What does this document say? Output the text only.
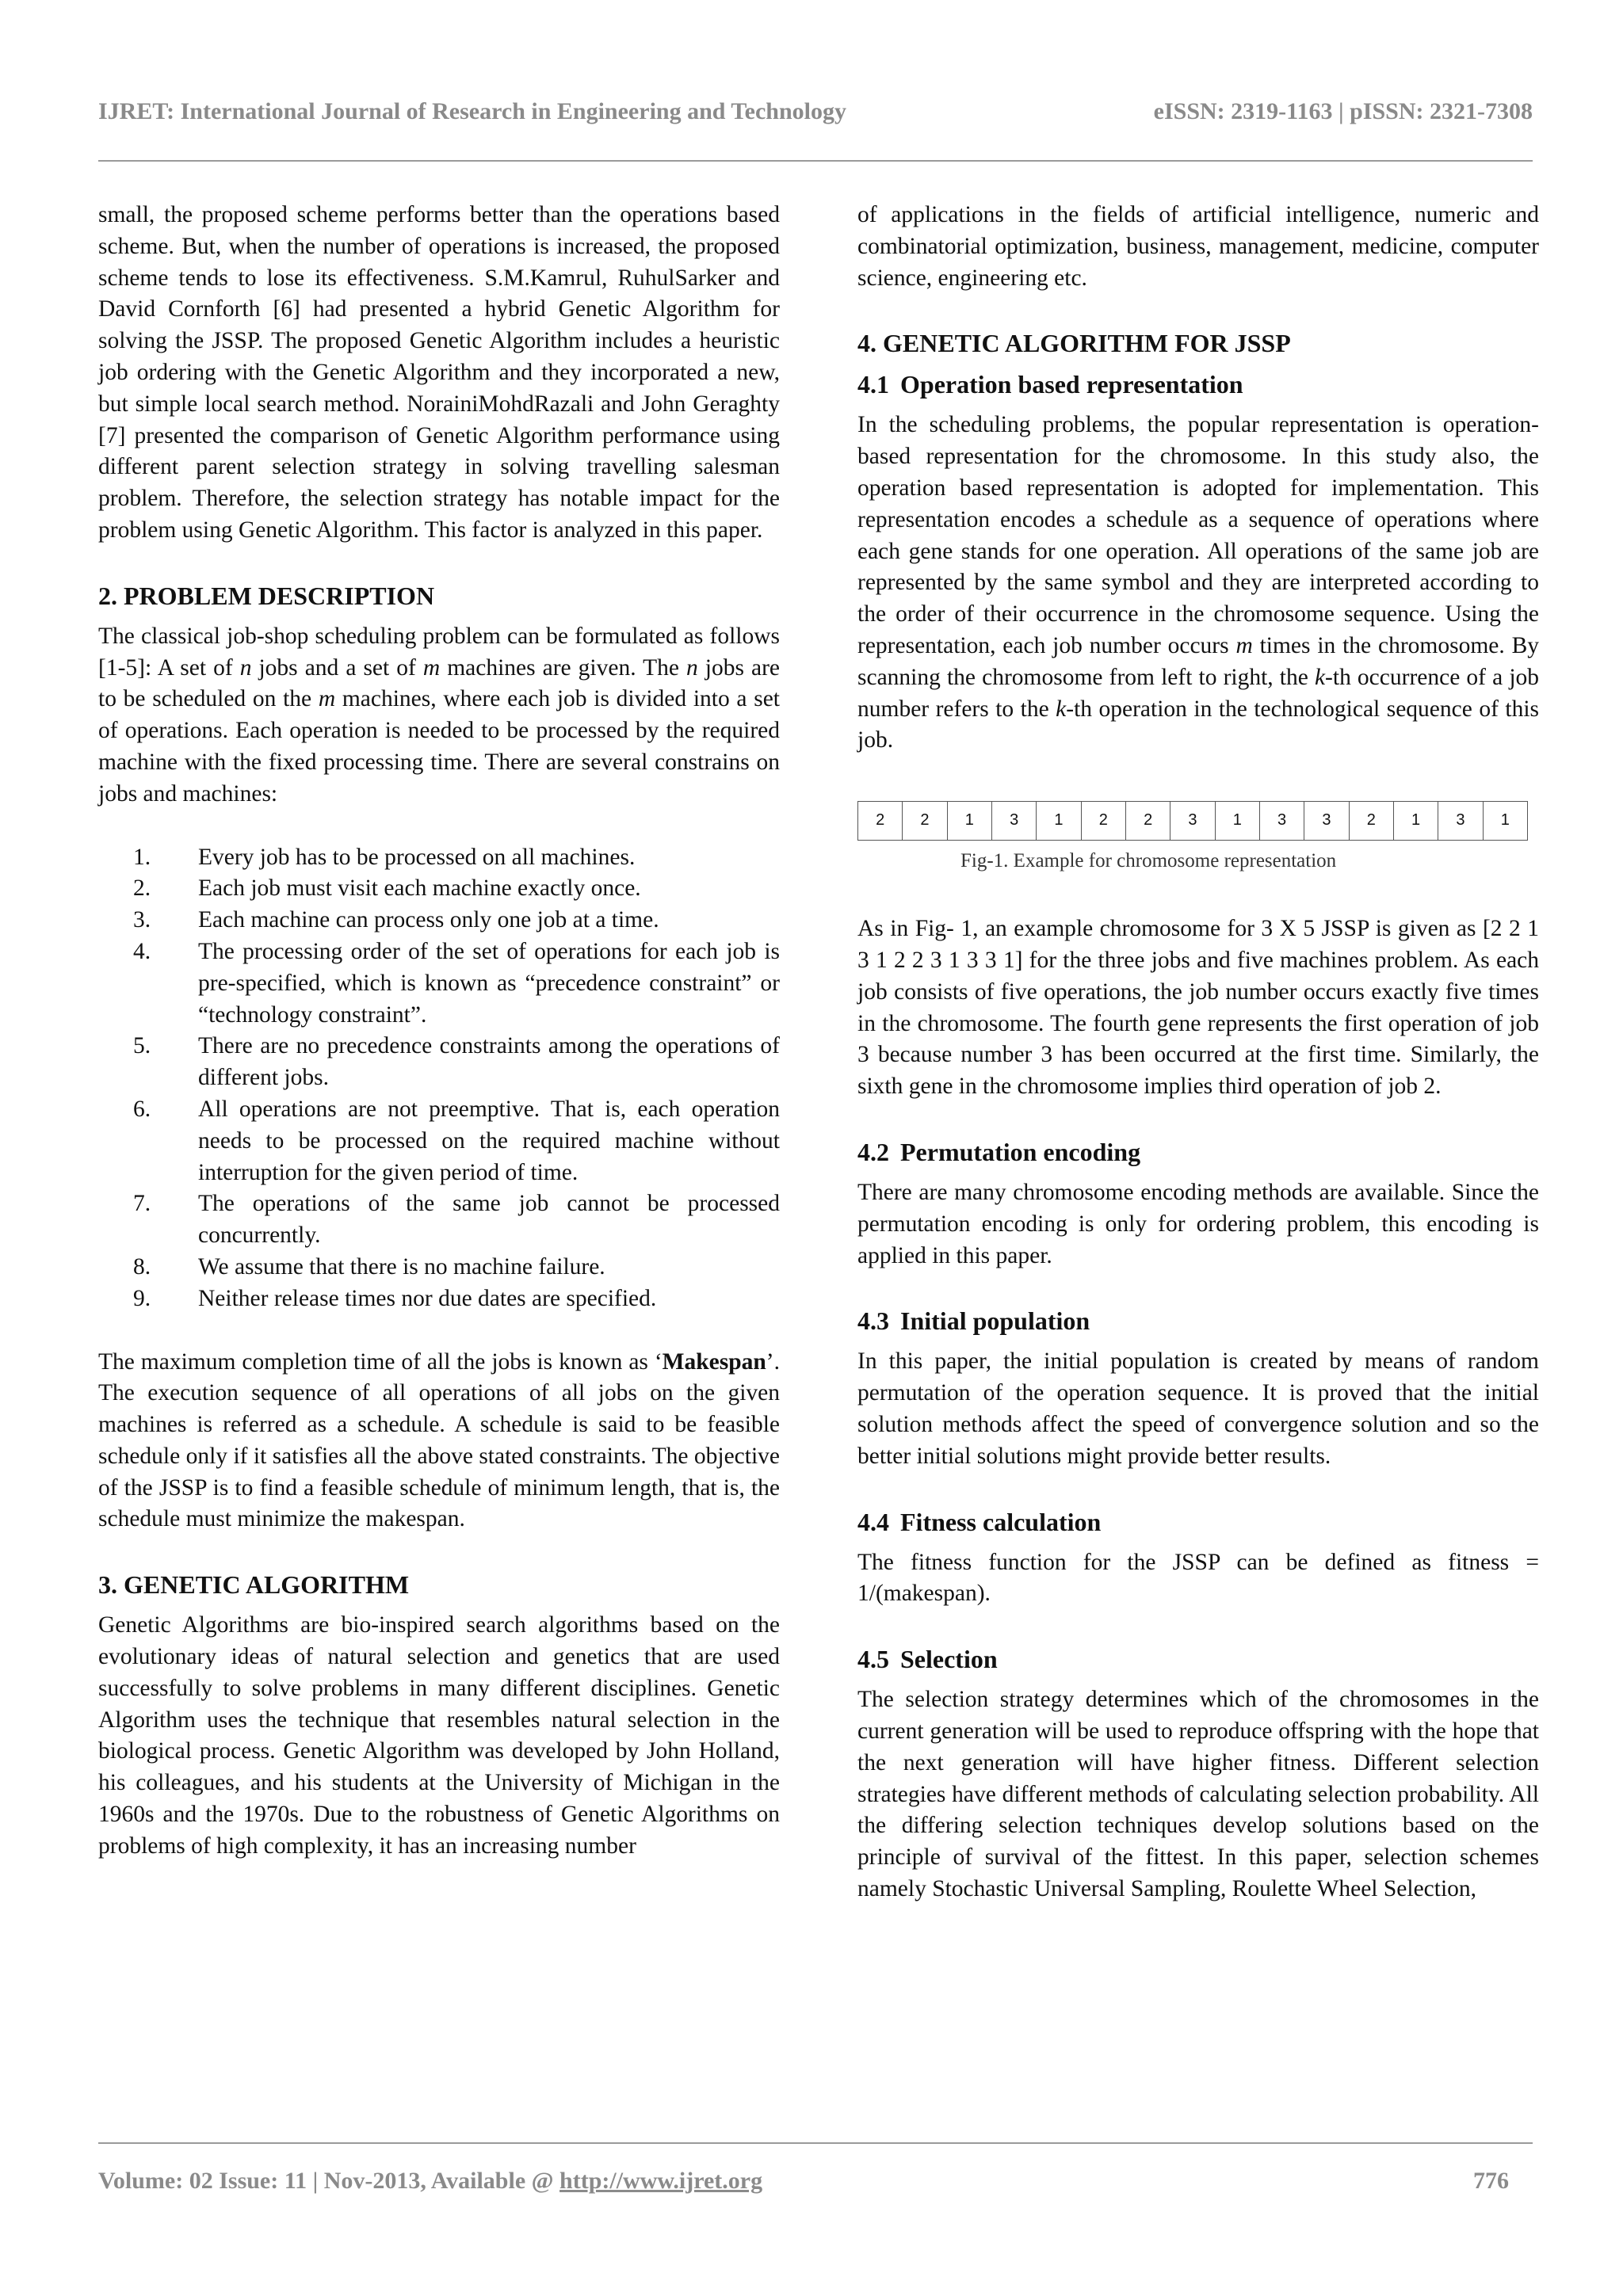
IJRET: International Journal of Research in Engineering and Technology	eISSN: 2319-1163 | pISSN: 2321-7308

small, the proposed scheme performs better than the operations based scheme. But, when the number of operations is increased, the proposed scheme tends to lose its effectiveness. S.M.Kamrul, RuhulSarker and David Cornforth [6] had presented a hybrid Genetic Algorithm for solving the JSSP. The proposed Genetic Algorithm includes a heuristic job ordering with the Genetic Algorithm and they incorporated a new, but simple local search method. NorainiMohdRazali and John Geraghty [7] presented the comparison of Genetic Algorithm performance using different parent selection strategy in solving travelling salesman problem. Therefore, the selection strategy has notable impact for the problem using Genetic Algorithm. This factor is analyzed in this paper.

2. PROBLEM DESCRIPTION

The classical job-shop scheduling problem can be formulated as follows [1-5]: A set of n jobs and a set of m machines are given. The n jobs are to be scheduled on the m machines, where each job is divided into a set of operations. Each operation is needed to be processed by the required machine with the fixed processing time. There are several constrains on jobs and machines:

1.	Every job has to be processed on all machines.
2.	Each job must visit each machine exactly once.
3.	Each machine can process only one job at a time.
4.	The processing order of the set of operations for each job is pre-specified, which is known as “precedence constraint” or “technology constraint”.
5.	There are no precedence constraints among the operations of different jobs.
6.	All operations are not preemptive. That is, each operation needs to be processed on the required machine without interruption for the given period of time.
7.	The operations of the same job cannot be processed concurrently.
8.	We assume that there is no machine failure.
9.	Neither release times nor due dates are specified.

The maximum completion time of all the jobs is known as ‘Makespan’. The execution sequence of all operations of all jobs on the given machines is referred as a schedule. A schedule is said to be feasible schedule only if it satisfies all the above stated constraints. The objective of the JSSP is to find a feasible schedule of minimum length, that is, the schedule must minimize the makespan.

3. GENETIC ALGORITHM

Genetic Algorithms are bio-inspired search algorithms based on the evolutionary ideas of natural selection and genetics that are used successfully to solve problems in many different disciplines. Genetic Algorithm uses the technique that resembles natural selection in the biological process. Genetic Algorithm was developed by John Holland, his colleagues, and his students at the University of Michigan in the 1960s and the 1970s. Due to the robustness of Genetic Algorithms on problems of high complexity, it has an increasing number

of applications in the fields of artificial intelligence, numeric and combinatorial optimization, business, management, medicine, computer science, engineering etc.

4. GENETIC ALGORITHM FOR JSSP
4.1 Operation based representation

In the scheduling problems, the popular representation is operation-based representation for the chromosome. In this study also, the operation based representation is adopted for implementation. This representation encodes a schedule as a sequence of operations where each gene stands for one operation. All operations of the same job are represented by the same symbol and they are interpreted according to the order of their occurrence in the chromosome sequence. Using the representation, each job number occurs m times in the chromosome. By scanning the chromosome from left to right, the k-th occurrence of a job number refers to the k-th operation in the technological sequence of this job.

2	2	1	3	1	2	2	3	1	3	3	2	1	3	1
Fig-1. Example for chromosome representation

As in Fig- 1, an example chromosome for 3 X 5 JSSP is given as [2 2 1 3 1 2 2 3 1 3 3 1] for the three jobs and five machines problem. As each job consists of five operations, the job number occurs exactly five times in the chromosome. The fourth gene represents the first operation of job 3 because number 3 has been occurred at the first time. Similarly, the sixth gene in the chromosome implies third operation of job 2.

4.2 Permutation encoding

There are many chromosome encoding methods are available. Since the permutation encoding is only for ordering problem, this encoding is applied in this paper.

4.3 Initial population

In this paper, the initial population is created by means of random permutation of the operation sequence. It is proved that the initial solution methods affect the speed of convergence solution and so the better initial solutions might provide better results.

4.4 Fitness calculation

The fitness function for the JSSP can be defined as fitness = 1/(makespan).

4.5 Selection

The selection strategy determines which of the chromosomes in the current generation will be used to reproduce offspring with the hope that the next generation will have higher fitness. Different selection strategies have different methods of calculating selection probability. All the differing selection techniques develop solutions based on the principle of survival of the fittest. In this paper, selection schemes namely Stochastic Universal Sampling, Roulette Wheel Selection,

Volume: 02 Issue: 11 | Nov-2013, Available @ http://www.ijret.org	776
